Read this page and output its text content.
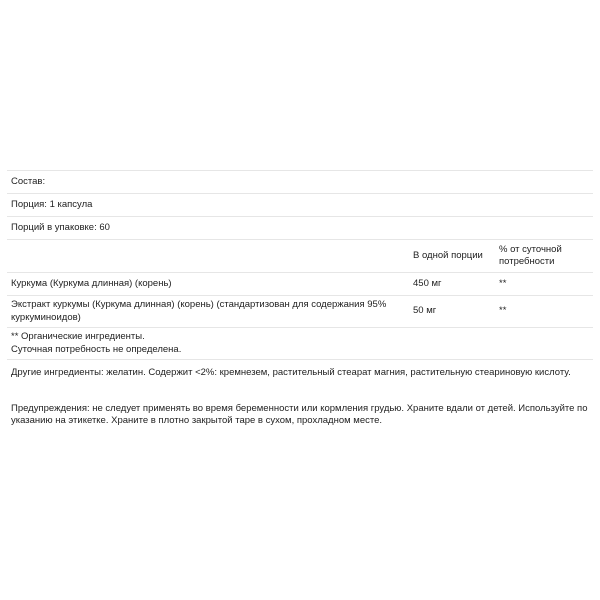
Состав:		
Порция: 1 капсула		
Порций в упаковке: 60		
	В одной порции	% от суточной потребности
Куркума (Куркума длинная) (корень)	450 мг	**
Экстракт куркумы (Куркума длинная) (корень) (стандартизован для содержания 95% куркуминоидов)	50 мг	**

** Органические ингредиенты.
Суточная потребность не определена.		

Другие ингредиенты: желатин. Содержит <2%: кремнезем, растительный стеарат магния, растительную стеариновую кислоту.

Предупреждения: не следует применять во время беременности или кормления грудью. Храните вдали от детей. Используйте по указанию на этикетке. Храните в плотно закрытой таре в сухом, прохладном месте.
